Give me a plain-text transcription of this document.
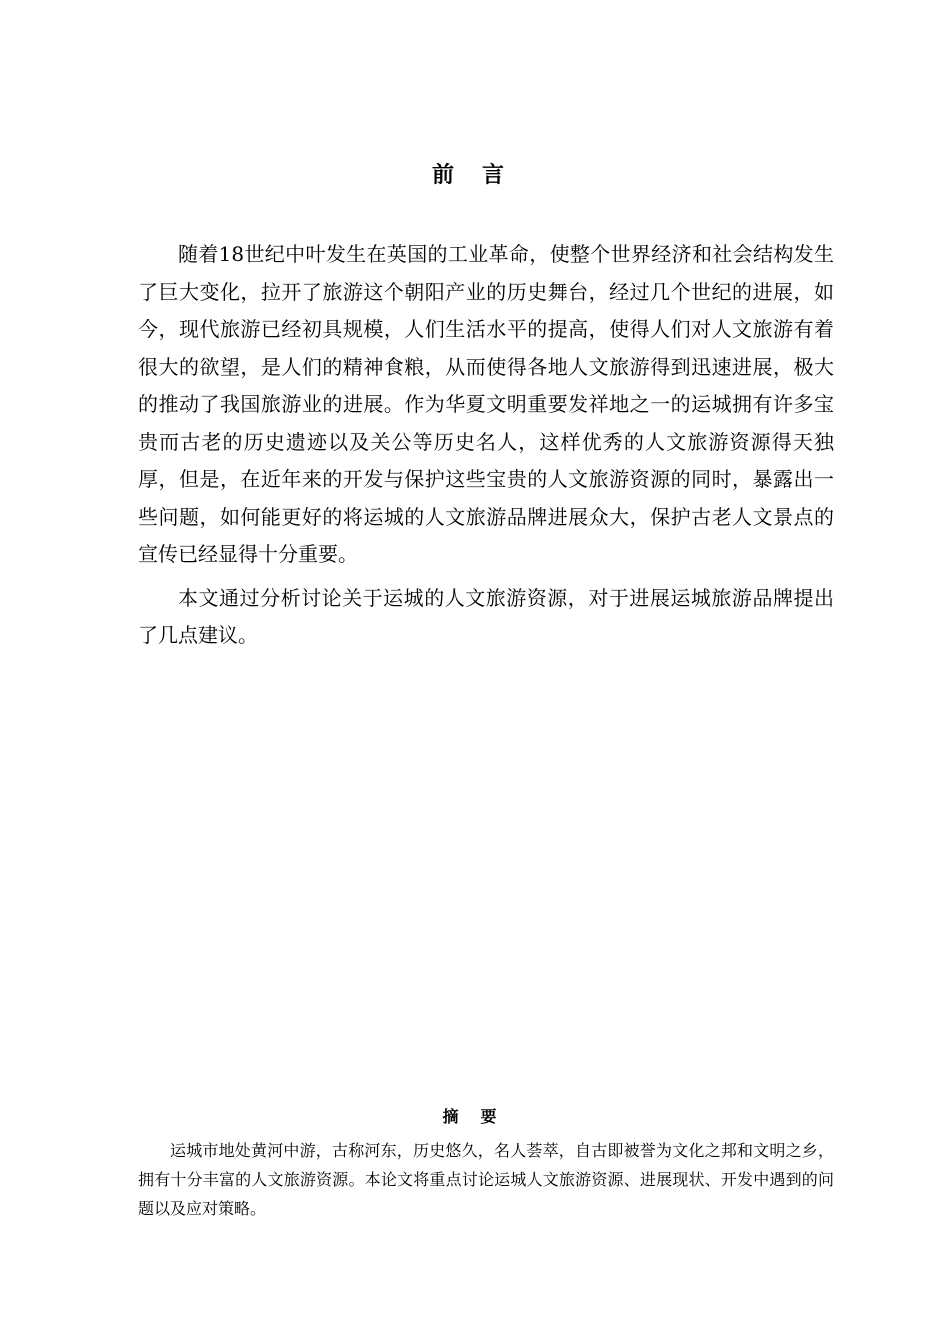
前言

随着18世纪中叶发生在英国的工业革命，使整个世界经济和社会结构发生了巨大变化，拉开了旅游这个朝阳产业的历史舞台，经过几个世纪的进展，如今，现代旅游已经初具规模，人们生活水平的提高，使得人们对人文旅游有着很大的欲望，是人们的精神食粮，从而使得各地人文旅游得到迅速进展，极大的推动了我国旅游业的进展。作为华夏文明重要发祥地之一的运城拥有许多宝贵而古老的历史遗迹以及关公等历史名人，这样优秀的人文旅游资源得天独厚，但是，在近年来的开发与保护这些宝贵的人文旅游资源的同时，暴露出一些问题，如何能更好的将运城的人文旅游品牌进展众大，保护古老人文景点的宣传已经显得十分重要。

本文通过分析讨论关于运城的人文旅游资源，对于进展运城旅游品牌提出了几点建议。

摘要

运城市地处黄河中游，古称河东，历史悠久，名人荟萃，自古即被誉为文化之邦和文明之乡，拥有十分丰富的人文旅游资源。本论文将重点讨论运城人文旅游资源、进展现状、开发中遇到的问题以及应对策略。
